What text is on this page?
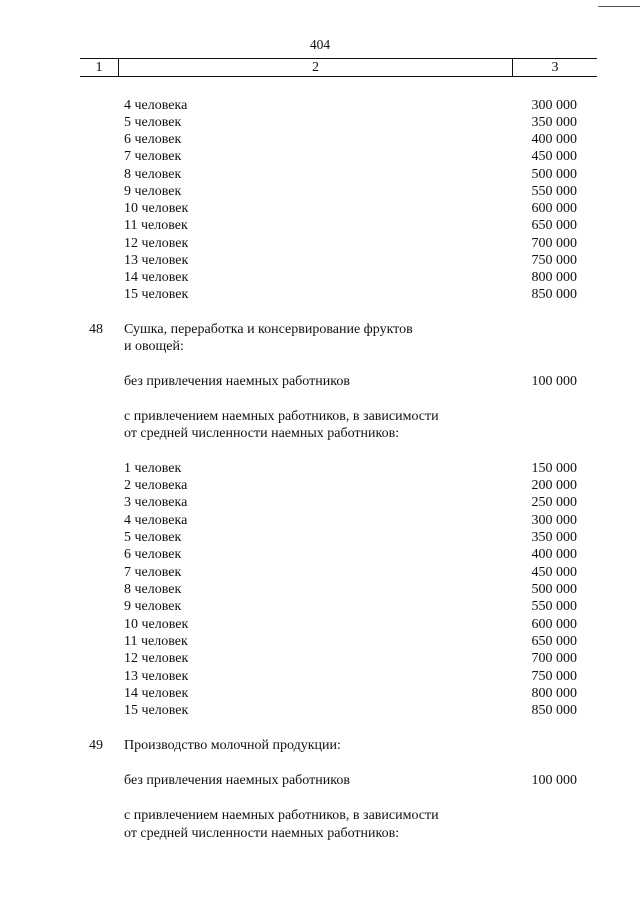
404
1	2	3
4 человека	300 000
5 человек	350 000
6 человек	400 000
7 человек	450 000
8 человек	500 000
9 человек	550 000
10 человек	600 000
11 человек	650 000
12 человек	700 000
13 человек	750 000
14 человек	800 000
15 человек	850 000
48 Сушка, переработка и консервирование фруктов
и овощей:
без привлечения наемных работников	100 000
с привлечением наемных работников, в зависимости
от средней численности наемных работников:
1 человек	150 000
2 человека	200 000
3 человека	250 000
4 человека	300 000
5 человек	350 000
6 человек	400 000
7 человек	450 000
8 человек	500 000
9 человек	550 000
10 человек	600 000
11 человек	650 000
12 человек	700 000
13 человек	750 000
14 человек	800 000
15 человек	850 000
49 Производство молочной продукции:
без привлечения наемных работников	100 000
с привлечением наемных работников, в зависимости
от средней численности наемных работников:
